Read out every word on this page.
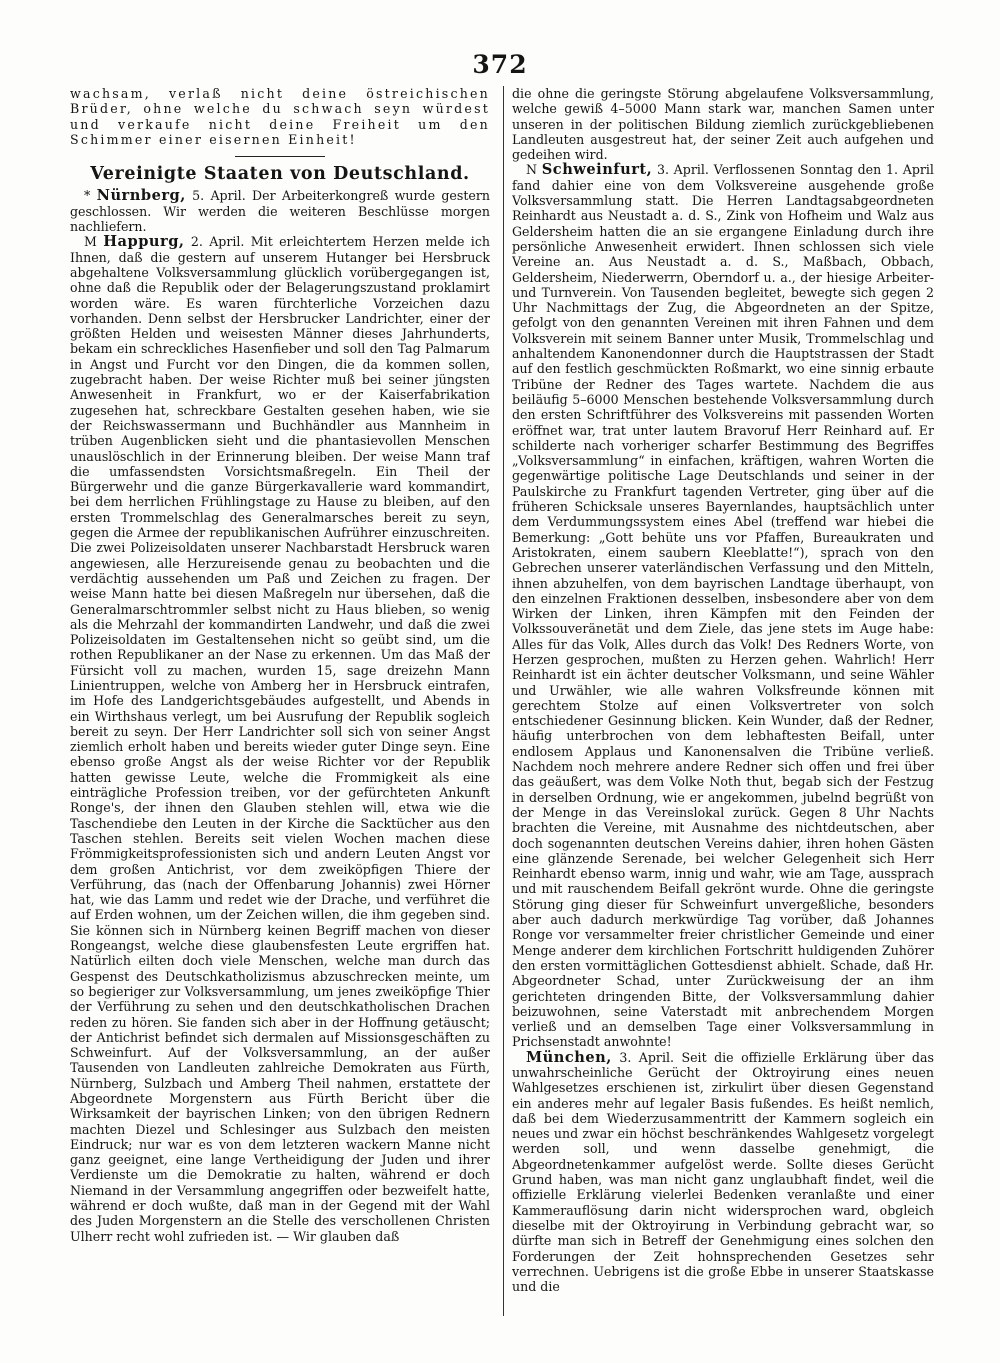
372

wachsam, verlaß nicht deine östreichischen Brüder, ohne welche du schwach seyn würdest und verkaufe nicht deine Freiheit um den Schimmer einer eisernen Einheit!

Vereinigte Staaten von Deutschland.

* Nürnberg, 5. April. Der Arbeiterkongreß wurde gestern geschlossen. Wir werden die weiteren Beschlüsse morgen nachliefern.

M Happurg, 2. April. Mit erleichtertem Herzen melde ich Ihnen, daß die gestern auf unserem Hutanger bei Hersbruck abgehaltene Volksversammlung glücklich vorübergegangen ist, ohne daß die Republik oder der Belagerungszustand proklamirt worden wäre. Es waren fürchterliche Vorzeichen dazu vorhanden. Denn selbst der Hersbrucker Landrichter, einer der größten Helden und weisesten Männer dieses Jahrhunderts, bekam ein schreckliches Hasenfieber und soll den Tag Palmarum in Angst und Furcht vor den Dingen, die da kommen sollen, zugebracht haben. Der weise Richter muß bei seiner jüngsten Anwesenheit in Frankfurt, wo er der Kaiserfabrikation zugesehen hat, schreckbare Gestalten gesehen haben, wie sie der Reichswassermann und Buchhändler aus Mannheim in trüben Augenblicken sieht und die phantasievollen Menschen unauslöschlich in der Erinnerung bleiben. Der weise Mann traf die umfassendsten Vorsichtsmaßregeln. Ein Theil der Bürgerwehr und die ganze Bürgerkavallerie ward kommandirt, bei dem herrlichen Frühlingstage zu Hause zu bleiben, auf den ersten Trommelschlag des Generalmarsches bereit zu seyn, gegen die Armee der republikanischen Aufrührer einzuschreiten. Die zwei Polizeisoldaten unserer Nachbarstadt Hersbruck waren angewiesen, alle Herzureisende genau zu beobachten und die verdächtig aussehenden um Paß und Zeichen zu fragen. Der weise Mann hatte bei diesen Maßregeln nur übersehen, daß die Generalmarschtrommler selbst nicht zu Haus blieben, so wenig als die Mehrzahl der kommandirten Landwehr, und daß die zwei Polizeisoldaten im Gestaltensehen nicht so geübt sind, um die rothen Republikaner an der Nase zu erkennen. Um das Maß der Fürsicht voll zu machen, wurden 15, sage dreizehn Mann Linientruppen, welche von Amberg her in Hersbruck eintrafen, im Hofe des Landgerichtsgebäudes aufgestellt, und Abends in ein Wirthshaus verlegt, um bei Ausrufung der Republik sogleich bereit zu seyn. Der Herr Landrichter soll sich von seiner Angst ziemlich erholt haben und bereits wieder guter Dinge seyn. Eine ebenso große Angst als der weise Richter vor der Republik hatten gewisse Leute, welche die Frommigkeit als eine einträgliche Profession treiben, vor der gefürchteten Ankunft Ronge's, der ihnen den Glauben stehlen will, etwa wie die Taschendiebe den Leuten in der Kirche die Sacktücher aus den Taschen stehlen. Bereits seit vielen Wochen machen diese Frömmigkeitsprofessionisten sich und andern Leuten Angst vor dem großen Antichrist, vor dem zweiköpfigen Thiere der Verführung, das (nach der Offenbarung Johannis) zwei Hörner hat, wie das Lamm und redet wie der Drache, und verführet die auf Erden wohnen, um der Zeichen willen, die ihm gegeben sind. Sie können sich in Nürnberg keinen Begriff machen von dieser Rongeangst, welche diese glaubensfesten Leute ergriffen hat. Natürlich eilten doch viele Menschen, welche man durch das Gespenst des Deutschkatholizismus abzuschrecken meinte, um so begieriger zur Volksversammlung, um jenes zweiköpfige Thier der Verführung zu sehen und den deutschkatholischen Drachen reden zu hören. Sie fanden sich aber in der Hoffnung getäuscht; der Antichrist befindet sich dermalen auf Missionsgeschäften zu Schweinfurt. Auf der Volksversammlung, an der außer Tausenden von Landleuten zahlreiche Demokraten aus Fürth, Nürnberg, Sulzbach und Amberg Theil nahmen, erstattete der Abgeordnete Morgenstern aus Fürth Bericht über die Wirksamkeit der bayrischen Linken; von den übrigen Rednern machten Diezel und Schlesinger aus Sulzbach den meisten Eindruck; nur war es von dem letzteren wackern Manne nicht ganz geeignet, eine lange Vertheidigung der Juden und ihrer Verdienste um die Demokratie zu halten, während er doch Niemand in der Versammlung angegriffen oder bezweifelt hatte, während er doch wußte, daß man in der Gegend mit der Wahl des Juden Morgenstern an die Stelle des verschollenen Christen Ulherr recht wohl zufrieden ist. — Wir glauben daß

die ohne die geringste Störung abgelaufene Volksversammlung, welche gewiß 4–5000 Mann stark war, manchen Samen unter unseren in der politischen Bildung ziemlich zurückgebliebenen Landleuten ausgestreut hat, der seiner Zeit auch aufgehen und gedeihen wird.

N Schweinfurt, 3. April. Verflossenen Sonntag den 1. April fand dahier eine von dem Volksvereine ausgehende große Volksversammlung statt. Die Herren Landtagsabgeordneten Reinhardt aus Neustadt a. d. S., Zink von Hofheim und Walz aus Geldersheim hatten die an sie ergangene Einladung durch ihre persönliche Anwesenheit erwidert. Ihnen schlossen sich viele Vereine an. Aus Neustadt a. d. S., Maßbach, Obbach, Geldersheim, Niederwerrn, Oberndorf u. a., der hiesige Arbeiter- und Turnverein. Von Tausenden begleitet, bewegte sich gegen 2 Uhr Nachmittags der Zug, die Abgeordneten an der Spitze, gefolgt von den genannten Vereinen mit ihren Fahnen und dem Volksverein mit seinem Banner unter Musik, Trommelschlag und anhaltendem Kanonendonner durch die Hauptstrassen der Stadt auf den festlich geschmückten Roßmarkt, wo eine sinnig erbaute Tribüne der Redner des Tages wartete. Nachdem die aus beiläufig 5–6000 Menschen bestehende Volksversammlung durch den ersten Schriftführer des Volksvereins mit passenden Worten eröffnet war, trat unter lautem Bravoruf Herr Reinhard auf. Er schilderte nach vorheriger scharfer Bestimmung des Begriffes „Volksversammlung“ in einfachen, kräftigen, wahren Worten die gegenwärtige politische Lage Deutschlands und seiner in der Paulskirche zu Frankfurt tagenden Vertreter, ging über auf die früheren Schicksale unseres Bayernlandes, hauptsächlich unter dem Verdummungssystem eines Abel (treffend war hiebei die Bemerkung: „Gott behüte uns vor Pfaffen, Bureaukraten und Aristokraten, einem saubern Kleeblatte!“), sprach von den Gebrechen unserer vaterländischen Verfassung und den Mitteln, ihnen abzuhelfen, von dem bayrischen Landtage überhaupt, von den einzelnen Fraktionen desselben, insbesondere aber von dem Wirken der Linken, ihren Kämpfen mit den Feinden der Volkssouveränetät und dem Ziele, das jene stets im Auge habe: Alles für das Volk, Alles durch das Volk! Des Redners Worte, von Herzen gesprochen, mußten zu Herzen gehen. Wahrlich! Herr Reinhardt ist ein ächter deutscher Volksmann, und seine Wähler und Urwähler, wie alle wahren Volksfreunde können mit gerechtem Stolze auf einen Volksvertreter von solch entschiedener Gesinnung blicken. Kein Wunder, daß der Redner, häufig unterbrochen von dem lebhaftesten Beifall, unter endlosem Applaus und Kanonensalven die Tribüne verließ. Nachdem noch mehrere andere Redner sich offen und frei über das geäußert, was dem Volke Noth thut, begab sich der Festzug in derselben Ordnung, wie er angekommen, jubelnd begrüßt von der Menge in das Vereinslokal zurück. Gegen 8 Uhr Nachts brachten die Vereine, mit Ausnahme des nichtdeutschen, aber doch sogenannten deutschen Vereins dahier, ihren hohen Gästen eine glänzende Serenade, bei welcher Gelegenheit sich Herr Reinhardt ebenso warm, innig und wahr, wie am Tage, aussprach und mit rauschendem Beifall gekrönt wurde. Ohne die geringste Störung ging dieser für Schweinfurt unvergeßliche, besonders aber auch dadurch merkwürdige Tag vorüber, daß Johannes Ronge vor versammelter freier christlicher Gemeinde und einer Menge anderer dem kirchlichen Fortschritt huldigenden Zuhörer den ersten vormittäglichen Gottesdienst abhielt. Schade, daß Hr. Abgeordneter Schad, unter Zurückweisung der an ihm gerichteten dringenden Bitte, der Volksversammlung dahier beizuwohnen, seine Vaterstadt mit anbrechendem Morgen verließ und an demselben Tage einer Volksversammlung in Prichsenstadt anwohnte!

München, 3. April. Seit die offizielle Erklärung über das unwahrscheinliche Gerücht der Oktroyirung eines neuen Wahlgesetzes erschienen ist, zirkulirt über diesen Gegenstand ein anderes mehr auf legaler Basis fußendes. Es heißt nemlich, daß bei dem Wiederzusammentritt der Kammern sogleich ein neues und zwar ein höchst beschränkendes Wahlgesetz vorgelegt werden soll, und wenn dasselbe genehmigt, die Abgeordnetenkammer aufgelöst werde. Sollte dieses Gerücht Grund haben, was man nicht ganz unglaubhaft findet, weil die offizielle Erklärung vielerlei Bedenken veranlaßte und einer Kammerauflösung darin nicht widersprochen ward, obgleich dieselbe mit der Oktroyirung in Verbindung gebracht war, so dürfte man sich in Betreff der Genehmigung eines solchen den Forderungen der Zeit hohnsprechenden Gesetzes sehr verrechnen. Uebrigens ist die große Ebbe in unserer Staatskasse und die
